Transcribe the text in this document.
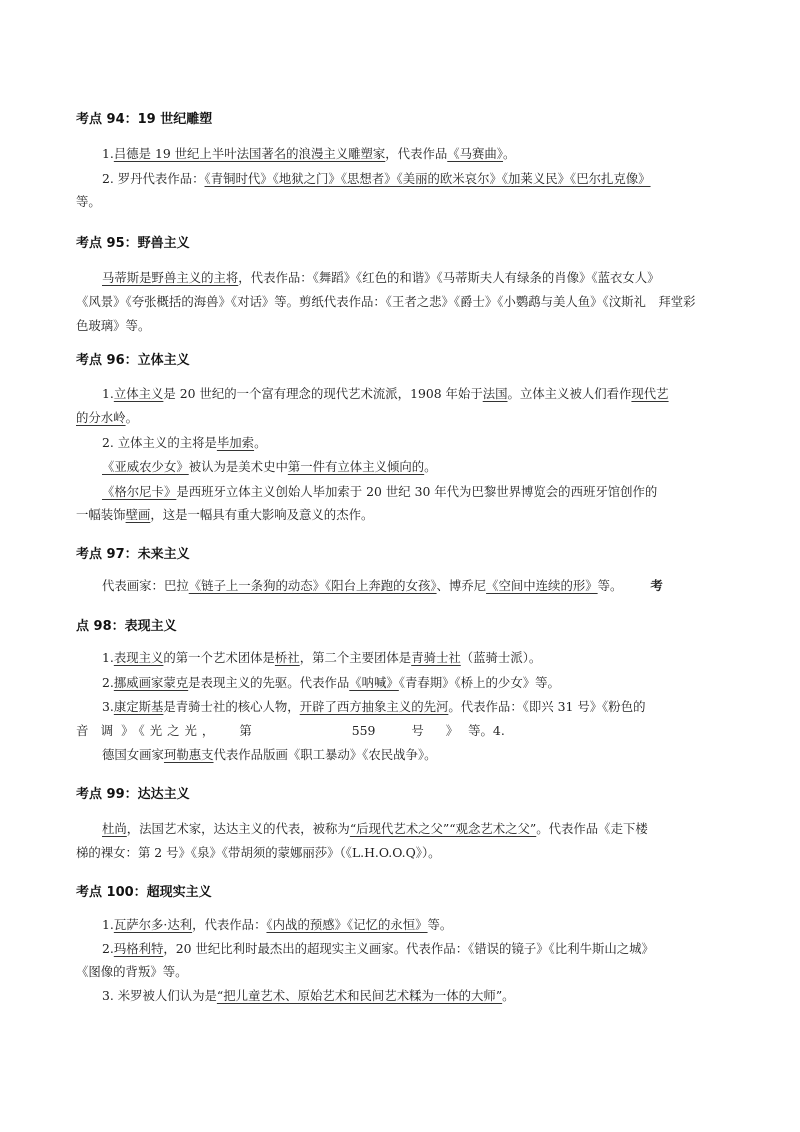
考点 94：19 世纪雕塑
1.吕德是 19 世纪上半叶法国著名的浪漫主义雕塑家，代表作品《马赛曲》。
2. 罗丹代表作品：《青铜时代》《地狱之门》《思想者》《美丽的欧米哀尔》《加莱义民》《巴尔扎克像》
等。
考点 95：野兽主义
马蒂斯是野兽主义的主将，代表作品：《舞蹈》《红色的和谐》《马蒂斯夫人有绿条的肖像》《蓝衣女人》
《风景》《夸张概括的海兽》《对话》等。剪纸代表作品：《王者之悲》《爵士》《小鹦鹉与美人鱼》《汶斯礼　拜堂彩
色玻璃》等。
考点 96：立体主义
1.立体主义是 20 世纪的一个富有理念的现代艺术流派，1908 年始于法国。立体主义被人们看作现代艺
的分水岭。
2. 立体主义的主将是毕加索。
《亚威农少女》被认为是美术史中第一件有立体主义倾向的。
《格尔尼卡》是西班牙立体主义创始人毕加索于 20 世纪 30 年代为巴黎世界博览会的西班牙馆创作的
一幅装饰壁画，这是一幅具有重大影响及意义的杰作。
考点 97：未来主义
代表画家：巴拉《链子上一条狗的动态》《阳台上奔跑的女孩》、博乔尼《空间中连续的形》等。 考
点 98：表现主义
1.表现主义的第一个艺术团体是桥社，第二个主要团体是青骑士社（蓝骑士派）。
2.挪威画家蒙克是表现主义的先驱。代表作品《呐喊》《青春期》《桥上的少女》等。
3.康定斯基是青骑士社的核心人物，开辟了西方抽象主义的先河。代表作品：《即兴 31 号》《粉色的
音　调 》《光之光， 第	559	号 》 等。4.
德国女画家珂勒惠支代表作品版画《职工暴动》《农民战争》。
考点 99：达达主义
杜尚，法国艺术家，达达主义的代表，被称为“后现代艺术之父”“观念艺术之父”。代表作品《走下楼
梯的裸女：第 2 号》《泉》《带胡须的蒙娜丽莎》（《L.H.O.O.Q》）。
考点 100：超现实主义
1.瓦萨尔多·达利，代表作品：《内战的预感》《记忆的永恒》等。
2.玛格利特，20 世纪比利时最杰出的超现实主义画家。代表作品：《错误的镜子》《比利牛斯山之城》
《图像的背叛》等。
3. 米罗被人们认为是“把儿童艺术、原始艺术和民间艺术糅为一体的大师”。
